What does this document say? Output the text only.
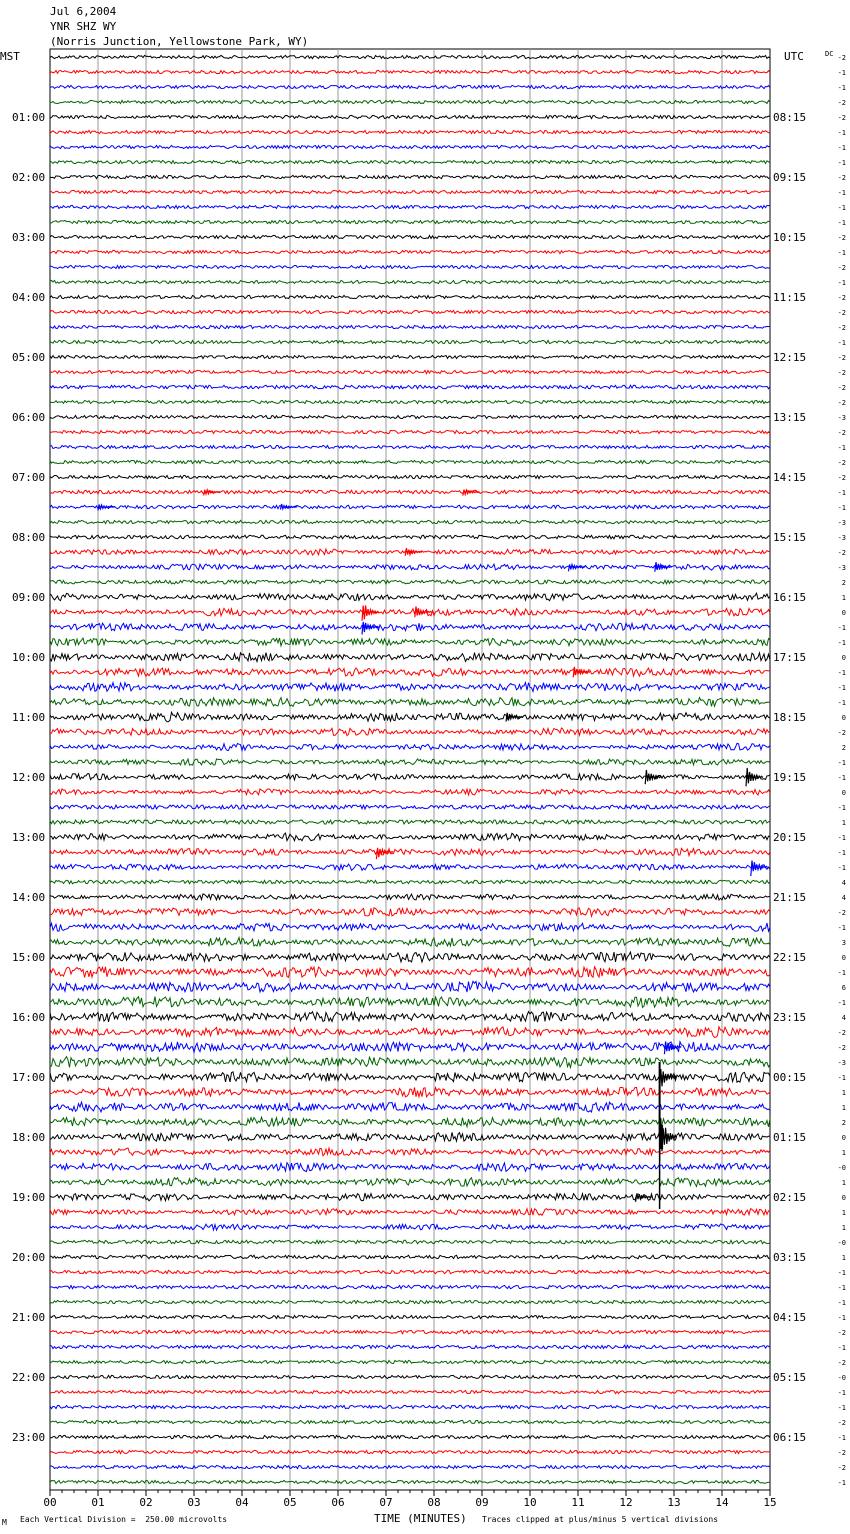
Jul 6,2004
YNR SHZ WY
(Norris Junction, Yellowstone Park, WY)
MST	UTC
00	01	02	03	04	05	06	07	08	09	10	11	12	13	14	15
-2
-1
-1
-2
01:00	08:15	-2
-1
-1
-1
02:00	09:15	-2
-1
-1
-1
03:00	10:15	-2
-1
-2
-1
04:00	11:15	-2
-2
-2
-1
05:00	12:15	-2
-2
-2
-2
06:00	13:15	-3
-2
-1
-2
07:00	14:15	-2
-1
-1
-3
08:00	15:15	-3
-2
-3
2
09:00	16:15	1
0
-1
-1
10:00	17:15	0
-1
-1
-1
11:00	18:15	0
-2
2
-1
12:00	19:15	-1
0
-1
1
13:00	20:15	-1
-1
-1
4
14:00	21:15	4
-2
-1
3
15:00	22:15	0
-1
6
-1
16:00	23:15	4
-2
-2
-3
17:00	00:15	-1
1
1
2
18:00	01:15	0
1
-0
1
19:00	02:15	0
1
1
-0
20:00	03:15	1
-1
-1
-1
21:00	04:15	-1
-2
-1
-2
22:00	05:15	-0
-1
-1
-2
23:00	06:15	-1
-2
-2
-1
DC
M Each Vertical Division =  250.00 microvolts	TIME (MINUTES) Traces clipped at plus/minus 5 vertical divisions
